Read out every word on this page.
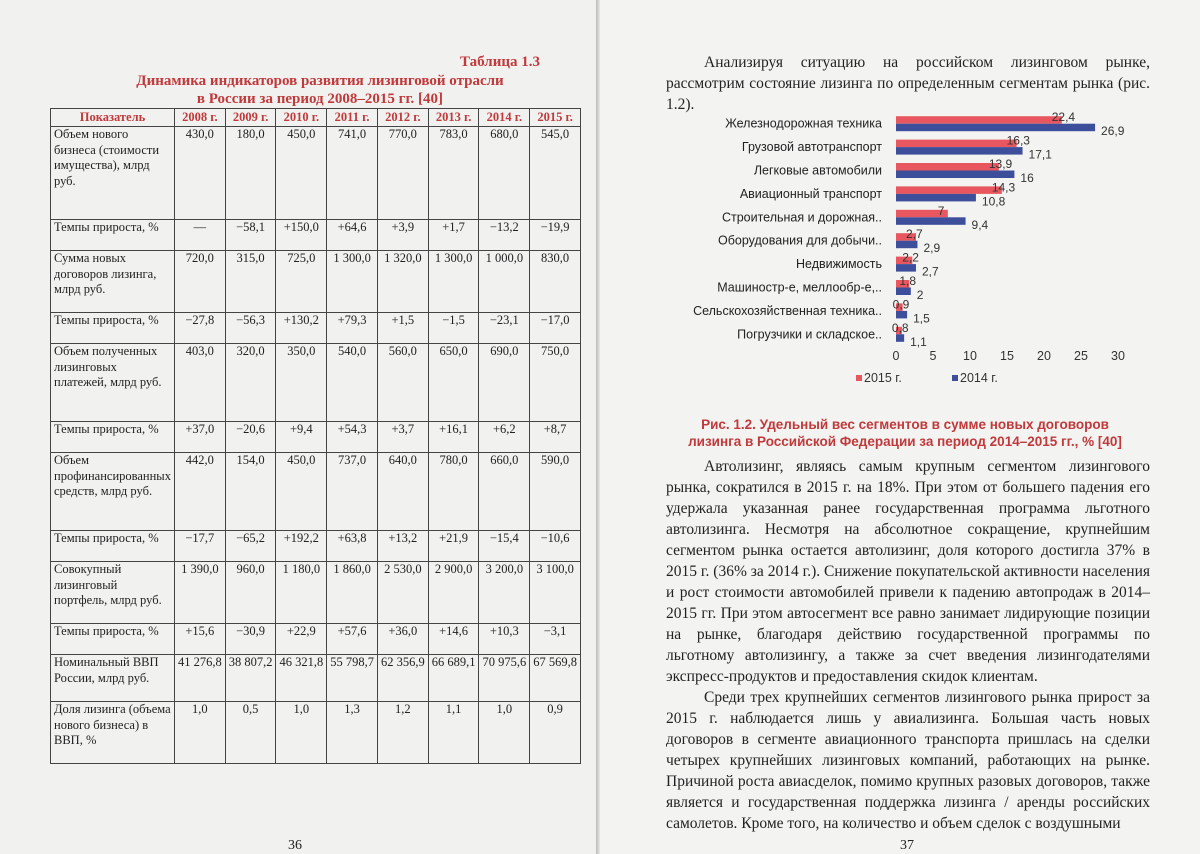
Таблица 1.3
Динамика индикаторов развития лизинговой отрасли
в России за период 2008–2015 гг. [40]
Показатель	2008 г.	2009 г.	2010 г.	2011 г.	2012 г.	2013 г.	2014 г.	2015 г.
Объем нового бизнеса (стоимости имущества), млрд руб.	430,0	180,0	450,0	741,0	770,0	783,0	680,0	545,0
Темпы прироста, %	—	−58,1	+150,0	+64,6	+3,9	+1,7	−13,2	−19,9
Сумма новых договоров лизинга, млрд руб.	720,0	315,0	725,0	1 300,0	1 320,0	1 300,0	1 000,0	830,0
Темпы прироста, %	−27,8	−56,3	+130,2	+79,3	+1,5	−1,5	−23,1	−17,0
Объем полученных лизинговых платежей, млрд руб.	403,0	320,0	350,0	540,0	560,0	650,0	690,0	750,0
Темпы прироста, %	+37,0	−20,6	+9,4	+54,3	+3,7	+16,1	+6,2	+8,7
Объем профинансированных средств, млрд руб.	442,0	154,0	450,0	737,0	640,0	780,0	660,0	590,0
Темпы прироста, %	−17,7	−65,2	+192,2	+63,8	+13,2	+21,9	−15,4	−10,6
Совокупный лизинговый портфель, млрд руб.	1 390,0	960,0	1 180,0	1 860,0	2 530,0	2 900,0	3 200,0	3 100,0
Темпы прироста, %	+15,6	−30,9	+22,9	+57,6	+36,0	+14,6	+10,3	−3,1
Номинальный ВВП России, млрд руб.	41 276,8	38 807,2	46 321,8	55 798,7	62 356,9	66 689,1	70 975,6	67 569,8
Доля лизинга (объема нового бизнеса) в ВВП, %	1,0	0,5	1,0	1,3	1,2	1,1	1,0	0,9
36

Анализируя ситуацию на российском лизинговом рынке, рассмотрим состояние лизинга по определенным сегментам рынка (рис. 1.2).

37
Железнодорожная техника	22,4
26,9
Грузовой автотранспорт	16,3
17,1
Легковые автомобили	13,9
16
Авиационный транспорт	14,3
10,8
Строительная и дорожная..	7
9,4
Оборудования для добычи.. 2,7
2,9
Недвижимость 2,2
2,7
Машиностр-е, меллообр-е,.. 1,8
2
Сельскохозяйственная техника.. 0,9
1,5
Погрузчики и складское.. 0,8
1,1
0 5 10 15 20 25 30
2015 г.	2014 г.
Рис. 1.2. Удельный вес сегментов в сумме новых договоров
лизинга в Российской Федерации за период 2014–2015 гг., % [40]

Автолизинг, являясь самым крупным сегментом лизингового рынка, сократился в 2015 г. на 18%. При этом от большего падения его удержала указанная ранее государственная программа льготного автолизинга. Несмотря на абсолютное сокращение, крупнейшим сегментом рынка остается автолизинг, доля которого достигла 37% в 2015 г. (36% за 2014 г.). Снижение покупательской активности населения и рост стоимости автомобилей привели к падению автопродаж в 2014–2015 гг. При этом автосегмент все равно занимает лидирующие позиции на рынке, благодаря действию государственной программы по льготному автолизингу, а также за счет введения лизингодателями экспресс-продуктов и предоставления скидок клиентам.

Среди трех крупнейших сегментов лизингового рынка прирост за 2015 г. наблюдается лишь у авиализинга. Большая часть новых договоров в сегменте авиационного транспорта пришлась на сделки четырех крупнейших лизинговых компаний, работающих на рынке. Причиной роста авиасделок, помимо крупных разовых договоров, также является и государственная поддержка лизинга / аренды российских самолетов. Кроме того, на количество и объем сделок с воздушными
